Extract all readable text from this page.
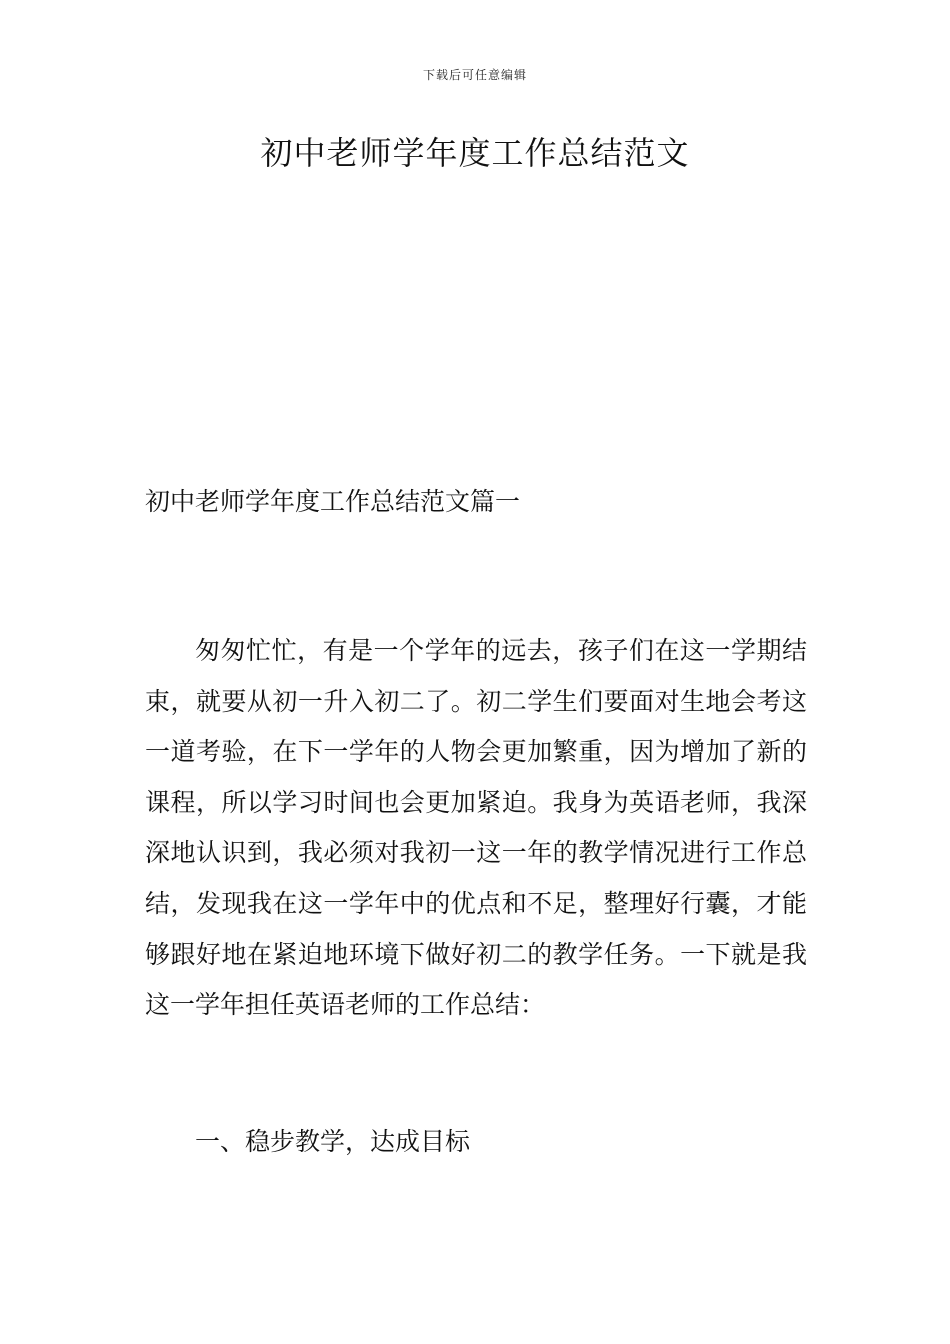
下载后可任意编辑
初中老师学年度工作总结范文
初中老师学年度工作总结范文篇一

匆匆忙忙，有是一个学年的远去，孩子们在这一学期结束，就要从初一升入初二了。初二学生们要面对生地会考这一道考验，在下一学年的人物会更加繁重，因为增加了新的课程，所以学习时间也会更加紧迫。我身为英语老师，我深深地认识到，我必须对我初一这一年的教学情况进行工作总结，发现我在这一学年中的优点和不足，整理好行囊，才能够跟好地在紧迫地环境下做好初二的教学任务。一下就是我这一学年担任英语老师的工作总结：

一、稳步教学，达成目标
